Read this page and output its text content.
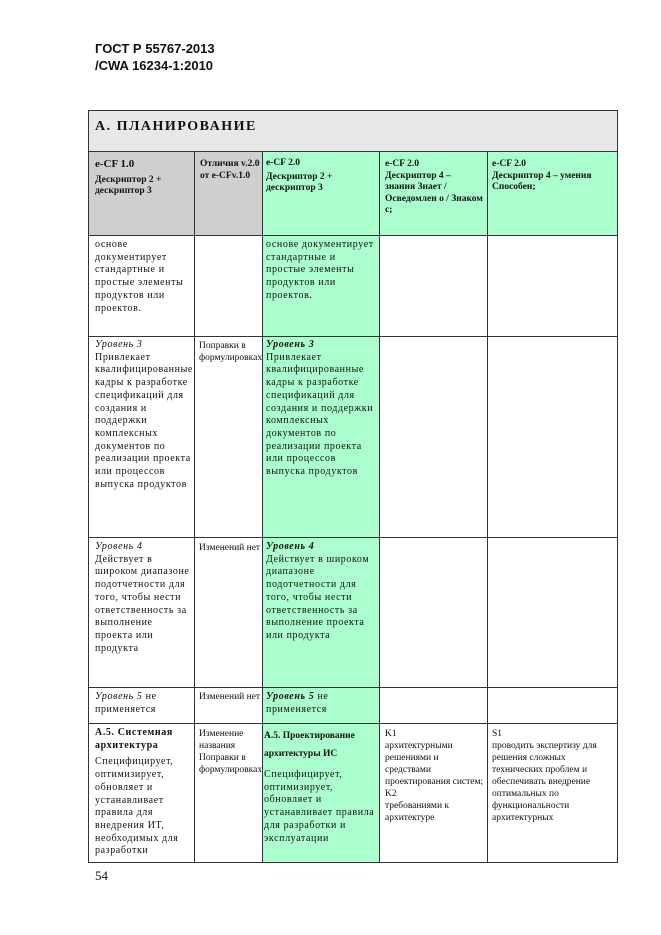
ГОСТ Р 55767-2013
/CWA 16234-1:2010
А. ПЛАНИРОВАНИЕ
e-CF 1.0
Дескриптор 2 + дескриптор 3
Отличия v.2.0 от e-CFv.1.0
e-CF 2.0
Дескриптор 2 + дескриптор 3
e-CF 2.0
Дескриптор 4 – знания Знает / Осведомлен о / Знаком с;
e-CF 2.0
Дескриптор 4 – умения Способен;
основе документирует стандартные и простые элементы продуктов или проектов.
основе документирует стандартные и простые элементы продуктов или проектов.
Уровень 3
Привлекает квалифицированные кадры к разработке спецификаций для создания и поддержки комплексных документов по реализации проекта или процессов выпуска продуктов
Поправки в формулировках
Уровень 3
Привлекает квалифицированные кадры к разработке спецификаций для создания и поддержки комплексных документов по реализации проекта или процессов выпуска продуктов
Уровень 4
Действует в широком диапазоне подотчетности для того, чтобы нести ответственность за выполнение проекта или продукта
Изменений нет Уровень 4
Действует в широком диапазоне подотчетности для того, чтобы нести ответственность за выполнение проекта или продукта
Уровень 5 не применяется
Изменений нет Уровень 5 не применяется
А.5. Системная архитектура
Специфицирует, оптимизирует, обновляет и устанавливает правила для внедрения ИТ, необходимых для разработки
Изменение названия
Поправки в формулировках
А.5. Проектирование архитектуры ИС
Специфицирует, оптимизирует, обновляет и устанавливает правила для разработки и эксплуатации
K1
архитектурными решениями и средствами проектирования систем;
K2
требованиями к архитектуре
S1
проводить экспертизу для решения сложных технических проблем и обеспечивать внедрение оптимальных по функциональности архитектурных
54
